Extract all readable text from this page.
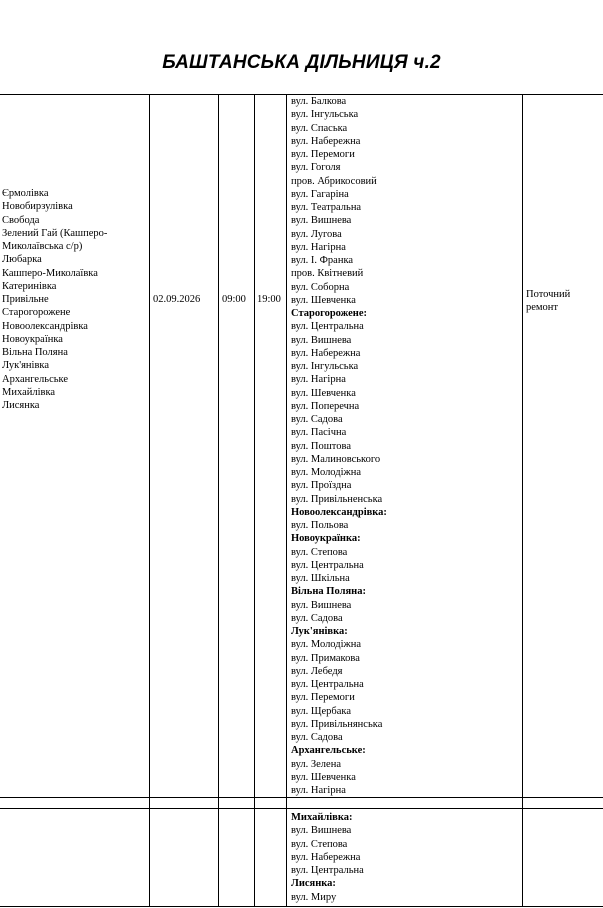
БАШТАНСЬКА ДІЛЬНИЦЯ ч.2
Єрмолівка
Новобирзулівка
Свобода
Зелений Гай (Кашперо-
Миколаївська с/р)
Любарка
Кашперо-Миколаївка
Катеринівка
Привільне
Старогорожене
Новоолександрівка
Новоукраїнка
Вільна Поляна
Лук'янівка
Архангельське
Михайлівка
Лисянка
02.09.2026 09:00 19:00	Поточний
ремонт
вул. Балкова
вул. Інгульська
вул. Спаська
вул. Набережна
вул. Перемоги
вул. Гоголя
пров. Абрикосовий
вул. Гагаріна
вул. Театральна
вул. Вишнева
вул. Лугова
вул. Нагірна
вул. І. Франка
пров. Квітневий
вул. Соборна
вул. Шевченка
Старогорожене:
вул. Центральна
вул. Вишнева
вул. Набережна
вул. Інгульська
вул. Нагірна
вул. Шевченка
вул. Поперечна
вул. Садова
вул. Пасічна
вул. Поштова
вул. Малиновського
вул. Молодіжна
вул. Проїздна
вул. Привільненська
Новоолександрівка:
вул. Польова
Новоукраїнка:
вул. Степова
вул. Центральна
вул. Шкільна
Вільна Поляна:
вул. Вишнева
вул. Садова
Лук'янівка:
вул. Молодіжна
вул. Примакова
вул. Лебедя
вул. Центральна
вул. Перемоги
вул. Щербака
вул. Привільнянська
вул. Садова
Архангельське:
вул. Зелена
вул. Шевченка
вул. Нагірна
Михайлівка:
вул. Вишнева
вул. Степова
вул. Набережна
вул. Центральна
Лисянка:
вул. Миру
